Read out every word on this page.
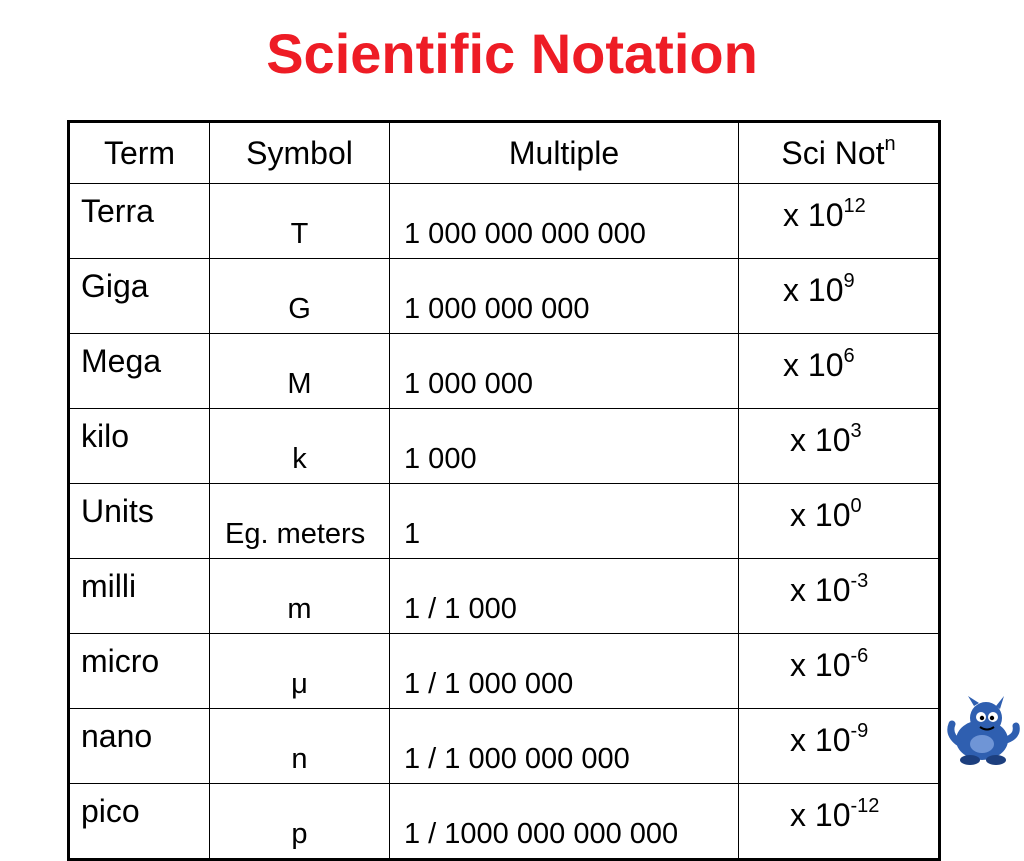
Scientific Notation
Term	Symbol	Multiple	Sci Not$^n$
Terra	T	1 000 000 000 000	x $10^{12}$
Giga	G	1 000 000 000	x $10^9$
Mega	M	1 000 000	x $10^6$
kilo	k	1 000	x $10^3$
Units	Eg. meters	1	x $10^0$
milli	m	1 / 1 000	x $10^{-3}$
micro	μ	1 / 1 000 000	x $10^{-6}$
nano	n	1 / 1 000 000 000	x $10^{-9}$
pico	p	1 / 1000 000 000 000	x $10^{-12}$
